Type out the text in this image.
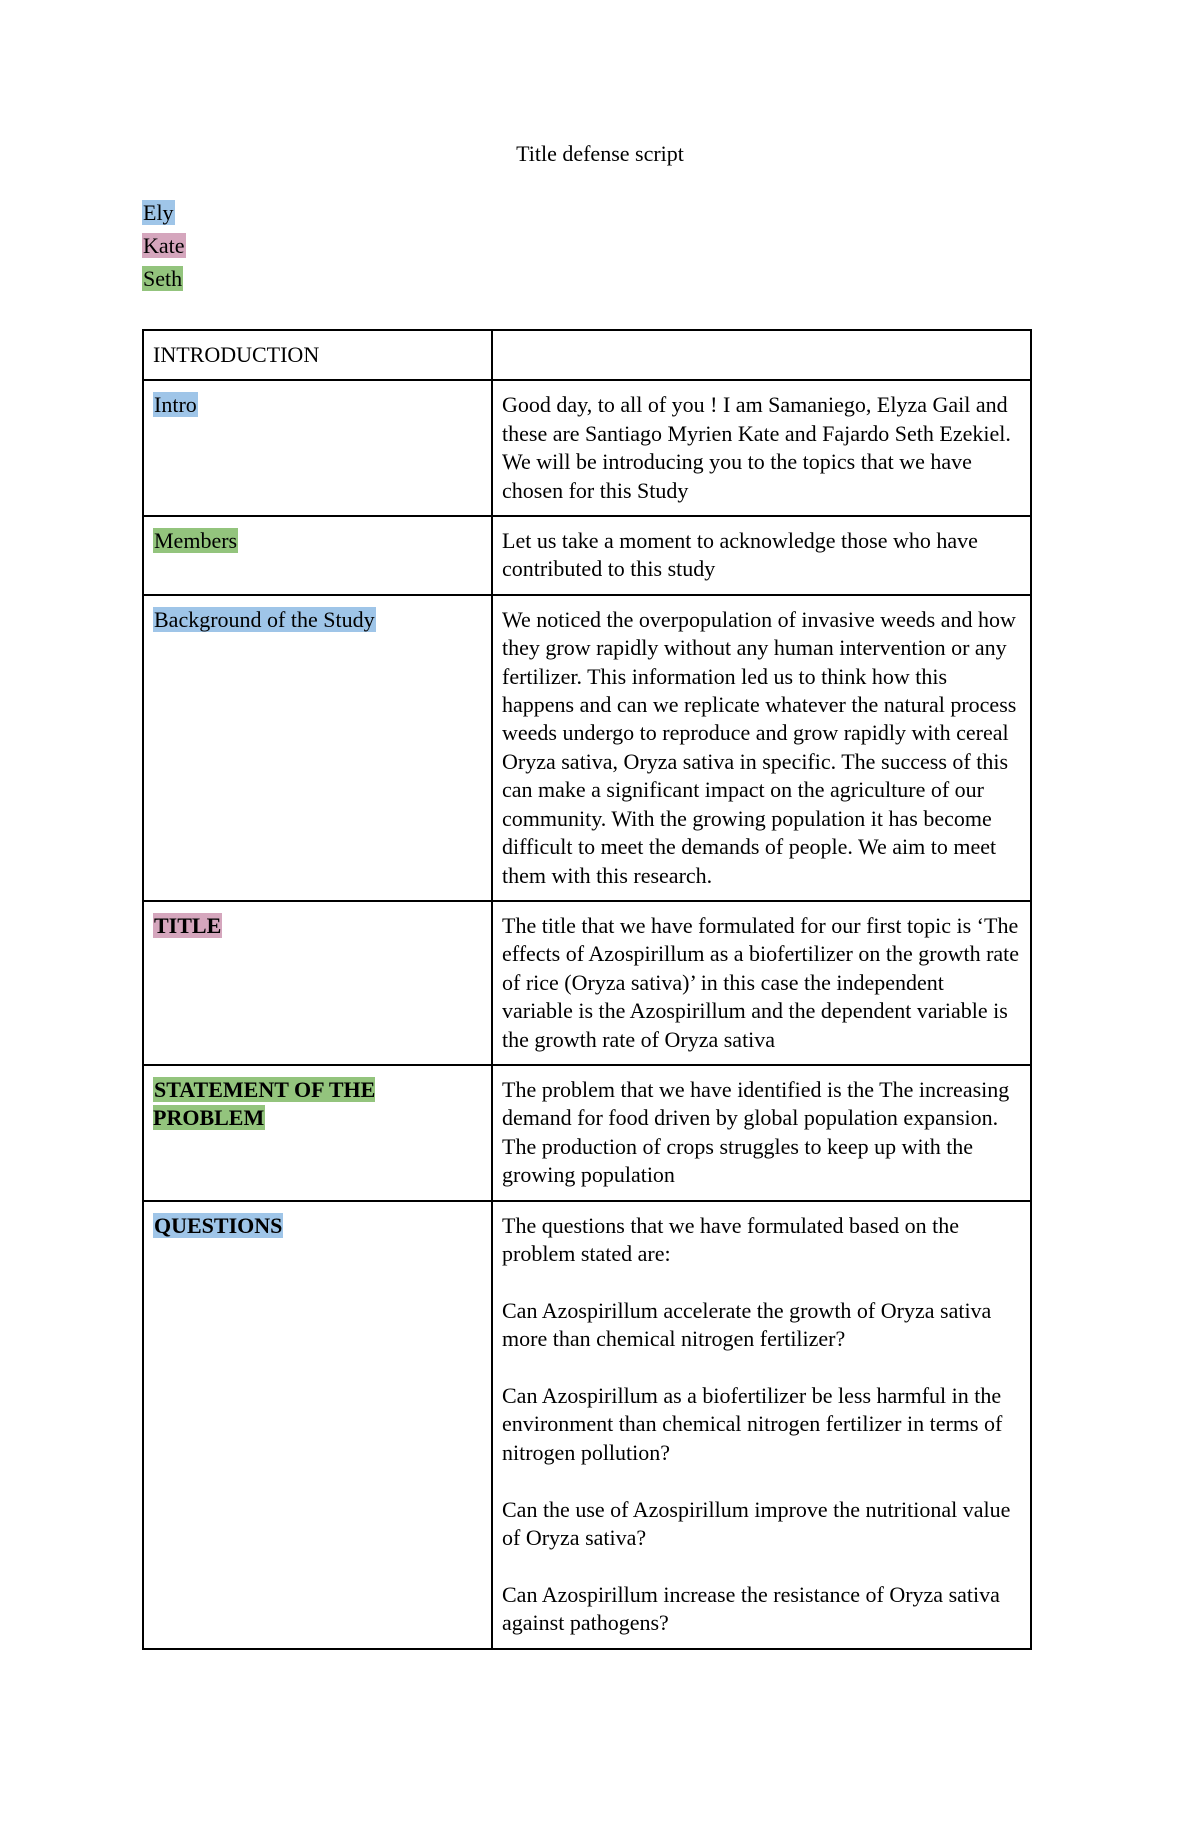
Title defense script
Ely
Kate
Seth
INTRODUCTION	
Intro	Good day, to all of you ! I am Samaniego, Elyza Gail and these are Santiago Myrien Kate and Fajardo Seth Ezekiel. We will be introducing you to the topics that we have chosen for this Study
Members	Let us take a moment to acknowledge those who have contributed to this study
Background of the Study	We noticed the overpopulation of invasive weeds and how they grow rapidly without any human intervention or any fertilizer. This information led us to think how this happens and can we replicate whatever the natural process weeds undergo to reproduce and grow rapidly with cereal Oryza sativa, Oryza sativa in specific. The success of this can make a significant impact on the agriculture of our community. With the growing population it has become difficult to meet the demands of people. We aim to meet them with this research.
TITLE	The title that we have formulated for our first topic is ‘The effects of Azospirillum as a biofertilizer on the growth rate of rice (Oryza sativa)’ in this case the independent variable is the Azospirillum and the dependent variable is the growth rate of Oryza sativa
STATEMENT OF THE PROBLEM	The problem that we have identified is the The increasing demand for food driven by global population expansion. The production of crops struggles to keep up with the growing population
QUESTIONS	The questions that we have formulated based on the problem stated are:
Can Azospirillum accelerate the growth of Oryza sativa more than chemical nitrogen fertilizer?
Can Azospirillum as a biofertilizer be less harmful in the environment than chemical nitrogen fertilizer in terms of nitrogen pollution?
Can the use of Azospirillum improve the nutritional value of Oryza sativa?
Can Azospirillum increase the resistance of Oryza sativa against pathogens?
